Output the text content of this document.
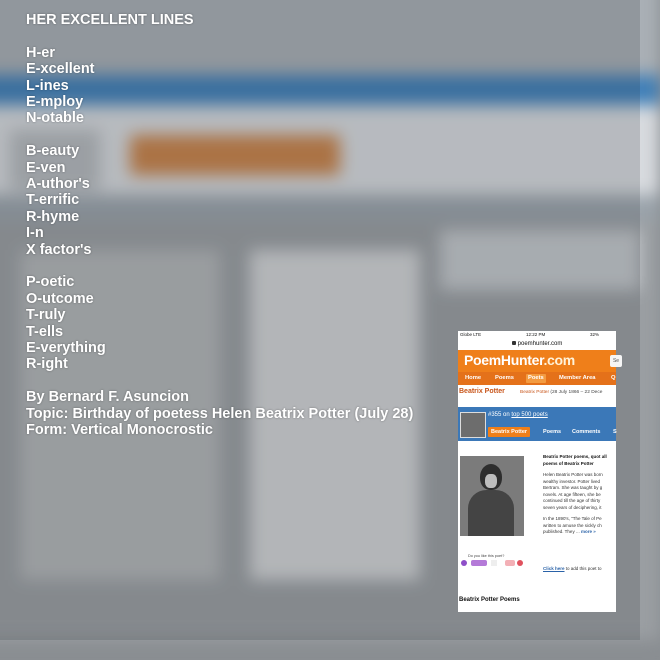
HER EXCELLENT LINES
H-er
E-xcellent
L-ines
E-mploy
N-otable
B-eauty
E-ven
A-uthor's
T-errific
R-hyme
I-n
X factor's
P-oetic
O-utcome
T-ruly
T-ells
E-verything
R-ight
By Bernard F. Asuncion
Topic: Birthday of poetess Helen Beatrix Potter (July 28)
Form: Vertical Monocrostic
Globe LTE	12:22 PM	32%
poemhunter.com
PoemHunter.com	Se
Home	Poems	Poets	Member Area	Q
Beatrix Potter	Beatrix Potter (28 July 1866 – 22 Dece
#355 on top 500 poets
Beatrix Potter	Poems	Comments	S
Do you like this poet?

Beatrix Potter poems, quot all poems of Beatrix Potter

Helen Beatrix Potter was born wealthy investor. Potter lived Bertram. She was taught by g novels. At age fifteen, she be continued till the age of thirty seven years of deciphering, it

In the 1890's, "The Tale of Pe written to amuse the sickly ch published. They ... more »

Click here to add this poet to
Beatrix Potter Poems
